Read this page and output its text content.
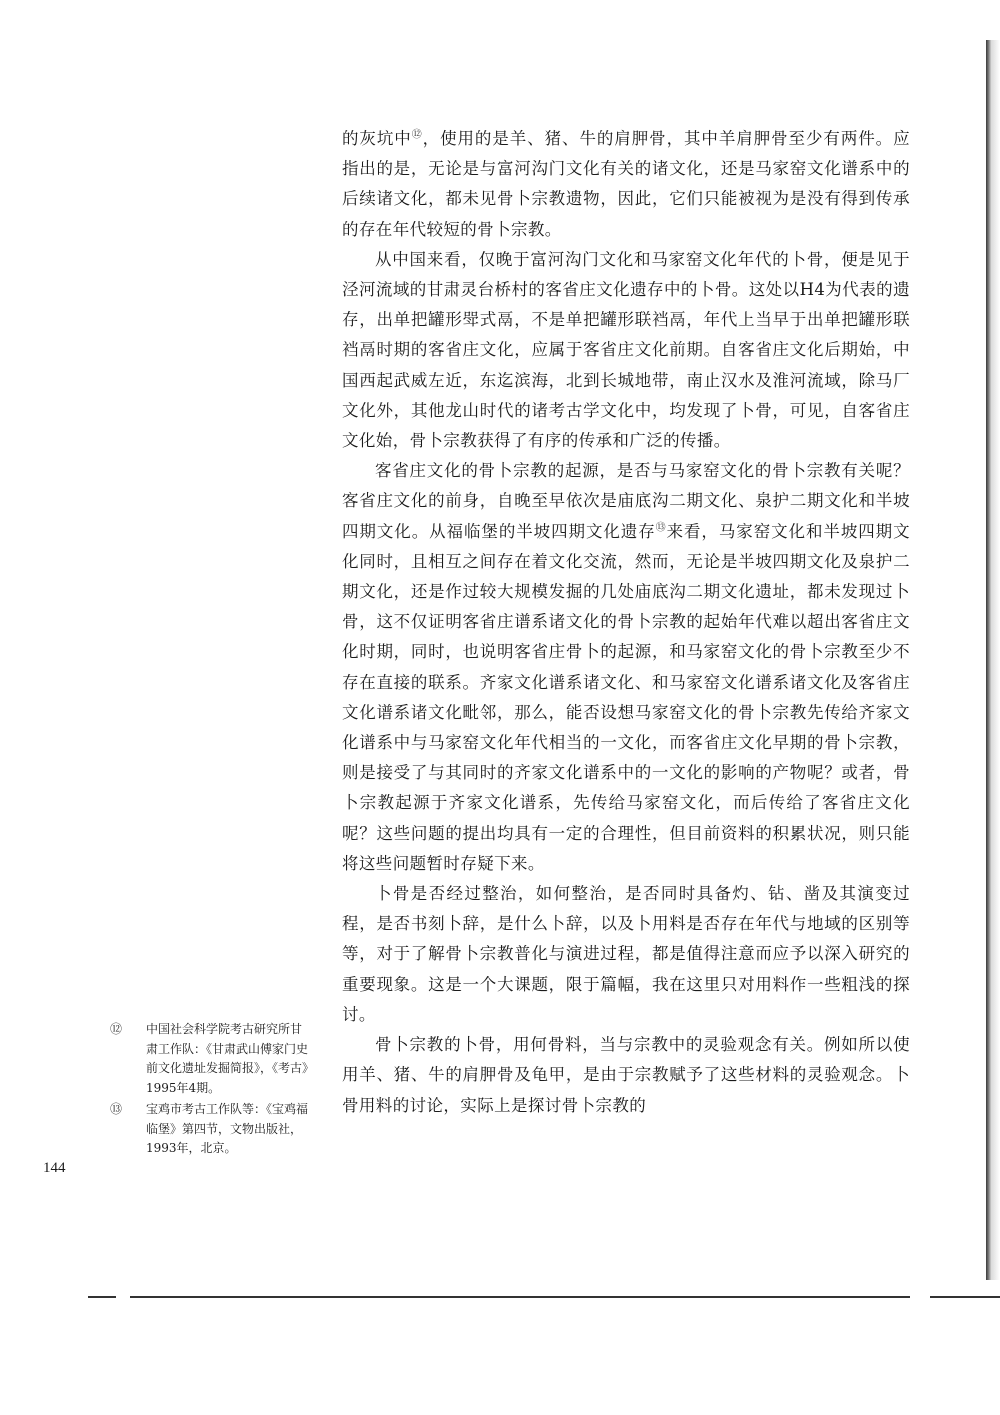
的灰坑中⑫，使用的是羊、猪、牛的肩胛骨，其中羊肩胛骨至少有两件。应指出的是，无论是与富河沟门文化有关的诸文化，还是马家窑文化谱系中的后续诸文化，都未见骨卜宗教遗物，因此，它们只能被视为是没有得到传承的存在年代较短的骨卜宗教。

从中国来看，仅晚于富河沟门文化和马家窑文化年代的卜骨，便是见于泾河流域的甘肃灵台桥村的客省庄文化遗存中的卜骨。这处以H4为代表的遗存，出单把罐形斝式鬲，不是单把罐形联裆鬲，年代上当早于出单把罐形联裆鬲时期的客省庄文化，应属于客省庄文化前期。自客省庄文化后期始，中国西起武威左近，东迄滨海，北到长城地带，南止汉水及淮河流域，除马厂文化外，其他龙山时代的诸考古学文化中，均发现了卜骨，可见，自客省庄文化始，骨卜宗教获得了有序的传承和广泛的传播。

客省庄文化的骨卜宗教的起源，是否与马家窑文化的骨卜宗教有关呢？客省庄文化的前身，自晚至早依次是庙底沟二期文化、泉护二期文化和半坡四期文化。从福临堡的半坡四期文化遗存⑬来看，马家窑文化和半坡四期文化同时，且相互之间存在着文化交流，然而，无论是半坡四期文化及泉护二期文化，还是作过较大规模发掘的几处庙底沟二期文化遗址，都未发现过卜骨，这不仅证明客省庄谱系诸文化的骨卜宗教的起始年代难以超出客省庄文化时期，同时，也说明客省庄骨卜的起源，和马家窑文化的骨卜宗教至少不存在直接的联系。齐家文化谱系诸文化、和马家窑文化谱系诸文化及客省庄文化谱系诸文化毗邻，那么，能否设想马家窑文化的骨卜宗教先传给齐家文化谱系中与马家窑文化年代相当的一文化，而客省庄文化早期的骨卜宗教，则是接受了与其同时的齐家文化谱系中的一文化的影响的产物呢？或者，骨卜宗教起源于齐家文化谱系，先传给马家窑文化，而后传给了客省庄文化呢？这些问题的提出均具有一定的合理性，但目前资料的积累状况，则只能将这些问题暂时存疑下来。

卜骨是否经过整治，如何整治，是否同时具备灼、钻、凿及其演变过程，是否书刻卜辞，是什么卜辞，以及卜用料是否存在年代与地域的区别等等，对于了解骨卜宗教普化与演进过程，都是值得注意而应予以深入研究的重要现象。这是一个大课题，限于篇幅，我在这里只对用料作一些粗浅的探讨。

骨卜宗教的卜骨，用何骨料，当与宗教中的灵验观念有关。例如所以使用羊、猪、牛的肩胛骨及龟甲，是由于宗教赋予了这些材料的灵验观念。卜骨用料的讨论，实际上是探讨骨卜宗教的

⑫	中国社会科学院考古研究所甘肃工作队：《甘肃武山傅家门史前文化遗址发掘简报》，《考古》1995年4期。
⑬	宝鸡市考古工作队等：《宝鸡福临堡》第四节，文物出版社，1993年，北京。
144
